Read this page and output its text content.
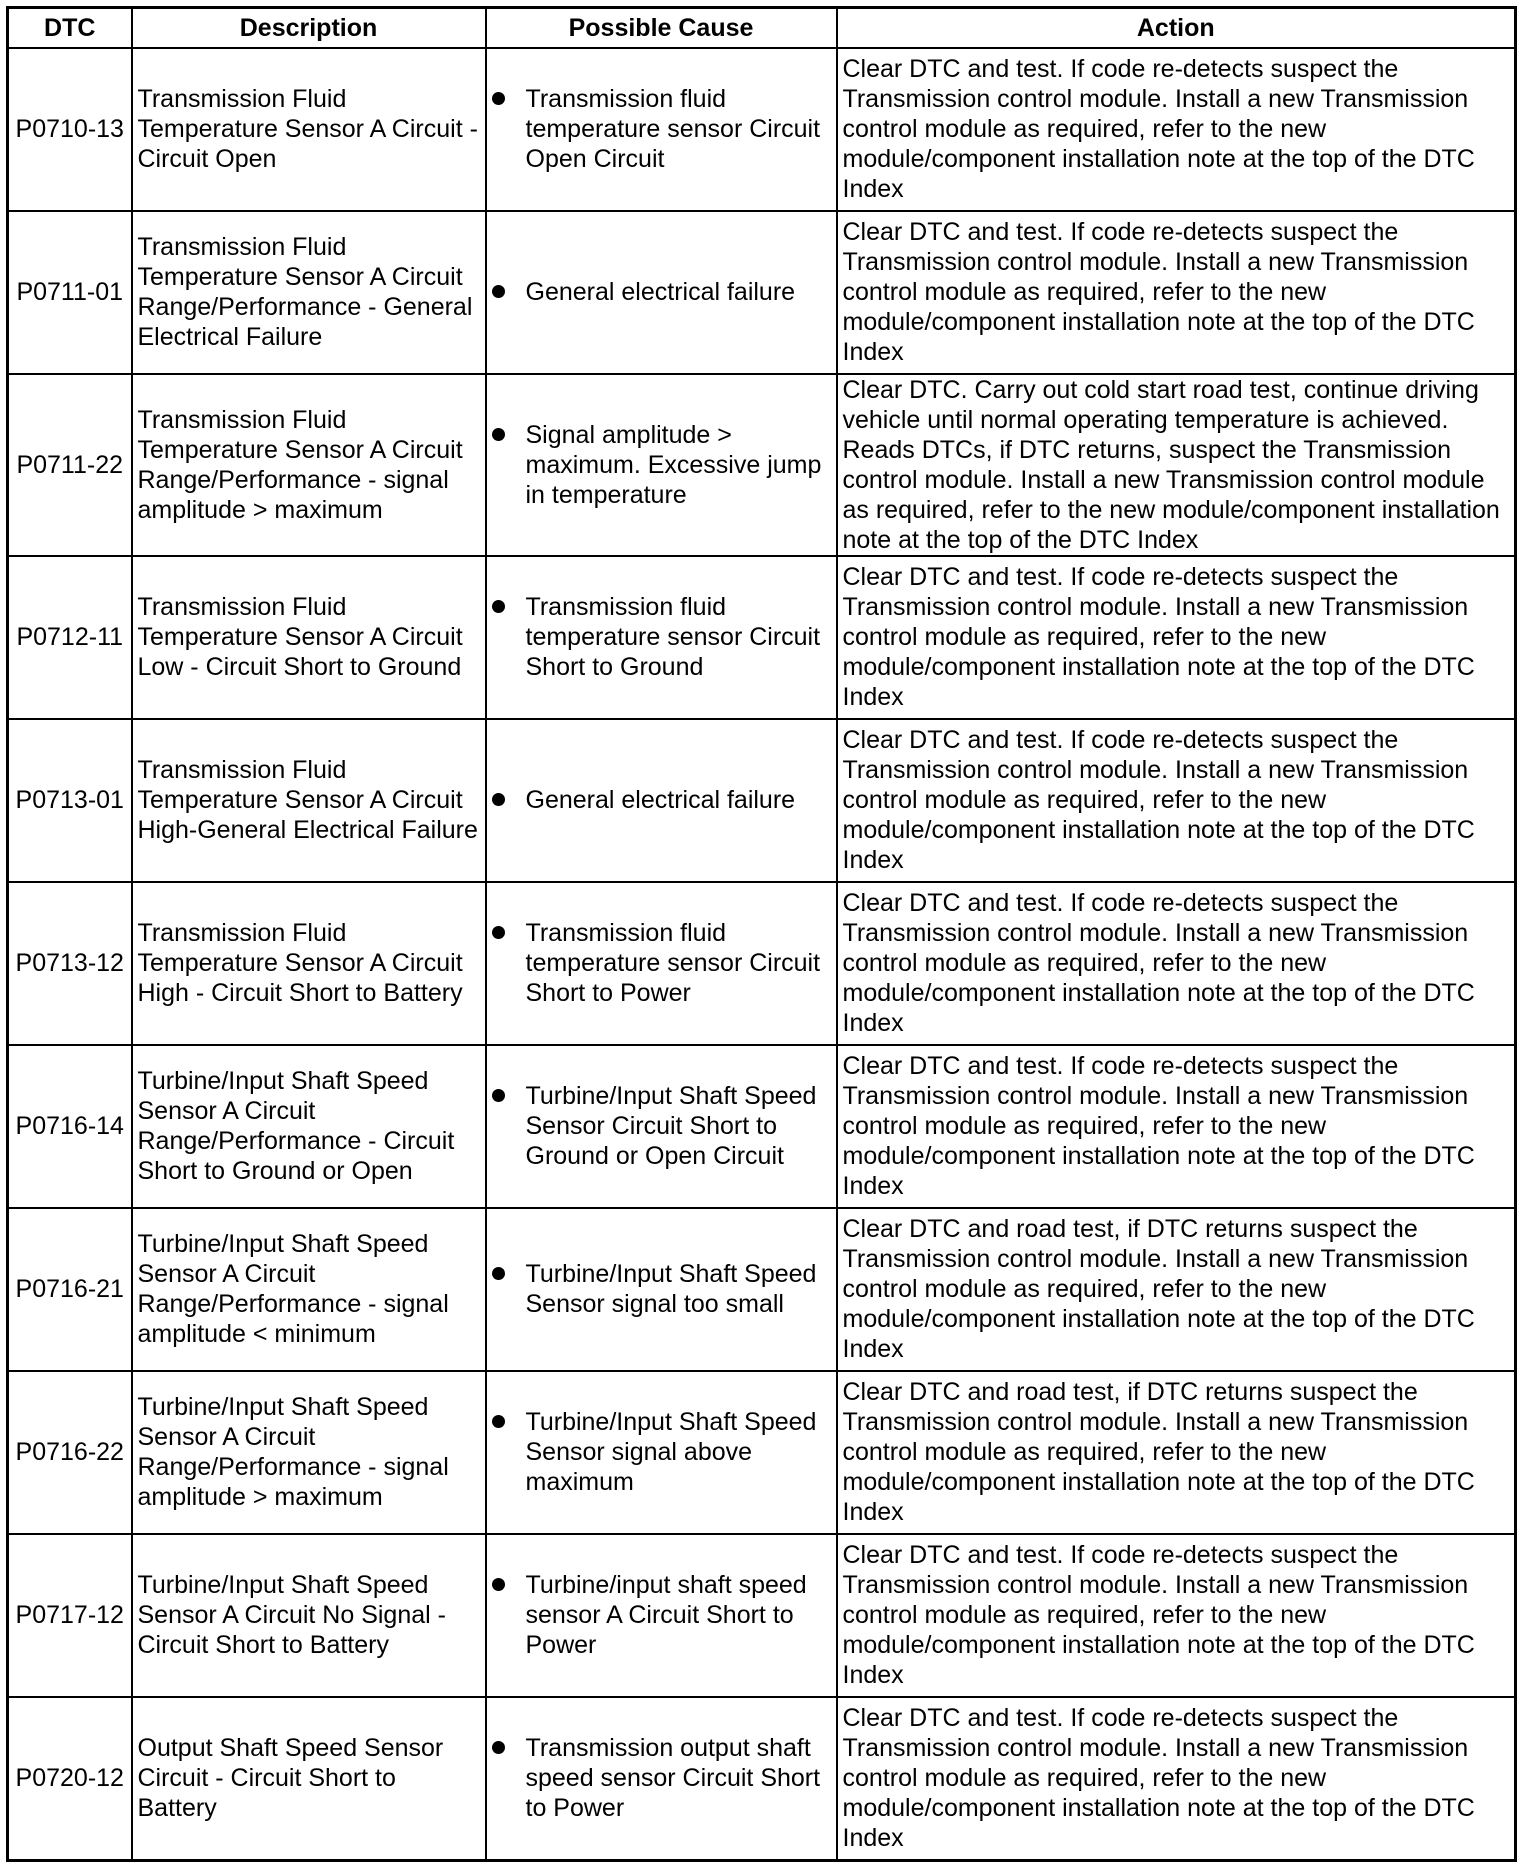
DTC	Description	Possible Cause	Action
P0710-13	Transmission Fluid Temperature Sensor A Circuit - Circuit Open	Transmission fluid temperature sensor Circuit Open Circuit	Clear DTC and test. If code re-detects suspect the Transmission control module. Install a new Transmission control module as required, refer to the new module/component installation note at the top of the DTC Index
P0711-01	Transmission Fluid Temperature Sensor A Circuit Range/Performance - General Electrical Failure	General electrical failure	Clear DTC and test. If code re-detects suspect the Transmission control module. Install a new Transmission control module as required, refer to the new module/component installation note at the top of the DTC Index
P0711-22	Transmission Fluid Temperature Sensor A Circuit Range/Performance - signal amplitude > maximum	Signal amplitude > maximum. Excessive jump in temperature	Clear DTC. Carry out cold start road test, continue driving vehicle until normal operating temperature is achieved. Reads DTCs, if DTC returns, suspect the Transmission control module. Install a new Transmission control module as required, refer to the new module/component installation note at the top of the DTC Index
P0712-11	Transmission Fluid Temperature Sensor A Circuit Low - Circuit Short to Ground	Transmission fluid temperature sensor Circuit Short to Ground	Clear DTC and test. If code re-detects suspect the Transmission control module. Install a new Transmission control module as required, refer to the new module/component installation note at the top of the DTC Index
P0713-01	Transmission Fluid Temperature Sensor A Circuit High-General Electrical Failure	General electrical failure	Clear DTC and test. If code re-detects suspect the Transmission control module. Install a new Transmission control module as required, refer to the new module/component installation note at the top of the DTC Index
P0713-12	Transmission Fluid Temperature Sensor A Circuit High - Circuit Short to Battery	Transmission fluid temperature sensor Circuit Short to Power	Clear DTC and test. If code re-detects suspect the Transmission control module. Install a new Transmission control module as required, refer to the new module/component installation note at the top of the DTC Index
P0716-14	Turbine/Input Shaft Speed Sensor A Circuit Range/Performance - Circuit Short to Ground or Open	Turbine/Input Shaft Speed Sensor Circuit Short to Ground or Open Circuit	Clear DTC and test. If code re-detects suspect the Transmission control module. Install a new Transmission control module as required, refer to the new module/component installation note at the top of the DTC Index
P0716-21	Turbine/Input Shaft Speed Sensor A Circuit Range/Performance - signal amplitude < minimum	Turbine/Input Shaft Speed Sensor signal too small	Clear DTC and road test, if DTC returns suspect the Transmission control module. Install a new Transmission control module as required, refer to the new module/component installation note at the top of the DTC Index
P0716-22	Turbine/Input Shaft Speed Sensor A Circuit Range/Performance - signal amplitude > maximum	Turbine/Input Shaft Speed Sensor signal above maximum	Clear DTC and road test, if DTC returns suspect the Transmission control module. Install a new Transmission control module as required, refer to the new module/component installation note at the top of the DTC Index
P0717-12	Turbine/Input Shaft Speed Sensor A Circuit No Signal - Circuit Short to Battery	Turbine/input shaft speed sensor A Circuit Short to Power	Clear DTC and test. If code re-detects suspect the Transmission control module. Install a new Transmission control module as required, refer to the new module/component installation note at the top of the DTC Index
P0720-12	Output Shaft Speed Sensor Circuit - Circuit Short to Battery	Transmission output shaft speed sensor Circuit Short to Power	Clear DTC and test. If code re-detects suspect the Transmission control module. Install a new Transmission control module as required, refer to the new module/component installation note at the top of the DTC Index
